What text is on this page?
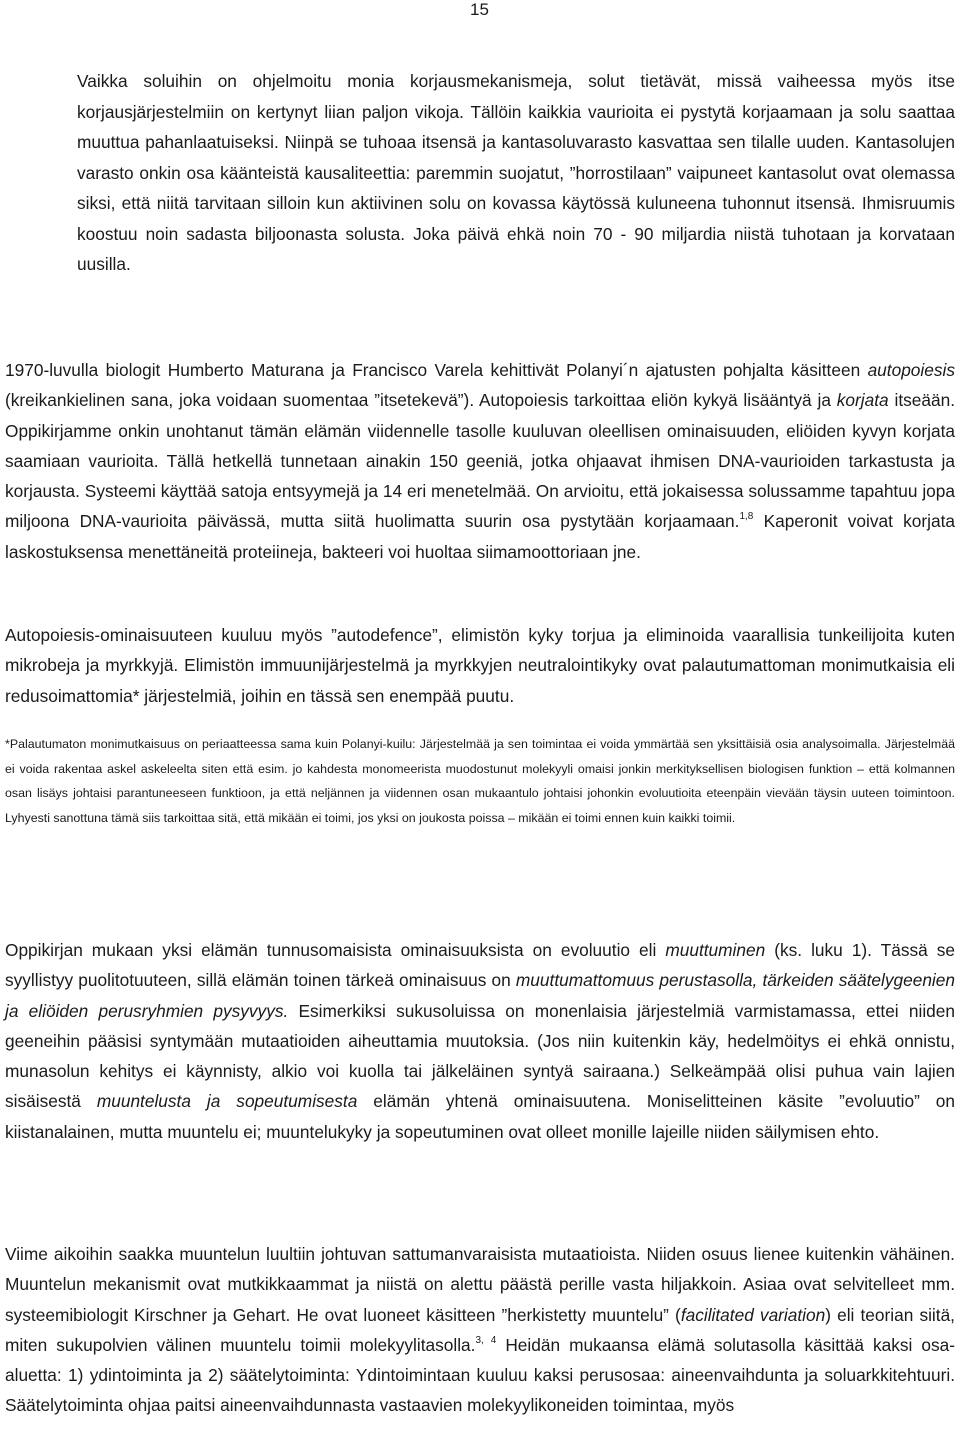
15

Vaikka soluihin on ohjelmoitu monia korjausmekanismeja, solut tietävät, missä vaiheessa myös itse korjausjärjestelmiin on kertynyt liian paljon vikoja. Tällöin kaikkia vaurioita ei pystytä korjaamaan ja solu saattaa muuttua pahanlaatuiseksi. Niinpä se tuhoaa itsensä ja kantasoluvarasto kasvattaa sen tilalle uuden. Kantasolujen varasto onkin osa käänteistä kausaliteettia: paremmin suojatut, ”horrostilaan” vaipuneet kantasolut ovat olemassa siksi, että niitä tarvitaan silloin kun aktiivinen solu on kovassa käytössä kuluneena tuhonnut itsensä. Ihmisruumis koostuu noin sadasta biljoonasta solusta. Joka päivä ehkä noin 70 - 90 miljardia niistä tuhotaan ja korvataan uusilla.

1970-luvulla biologit Humberto Maturana ja Francisco Varela kehittivät Polanyi´n ajatusten pohjalta käsitteen autopoiesis (kreikankielinen sana, joka voidaan suomentaa ”itsetekevä”). Autopoiesis tarkoittaa eliön kykyä lisääntyä ja korjata itseään. Oppikirjamme onkin unohtanut tämän elämän viidennelle tasolle kuuluvan oleellisen ominaisuuden, eliöiden kyvyn korjata saamiaan vaurioita. Tällä hetkellä tunnetaan ainakin 150 geeniä, jotka ohjaavat ihmisen DNA-vaurioiden tarkastusta ja korjausta. Systeemi käyttää satoja entsyymejä ja 14 eri menetelmää. On arvioitu, että jokaisessa solussamme tapahtuu jopa miljoona DNA-vaurioita päivässä, mutta siitä huolimatta suurin osa pystytään korjaamaan.$^{1,8}$ Kaperonit voivat korjata laskostuksensa menettäneitä proteiineja, bakteeri voi huoltaa siimamoottoriaan jne.

Autopoiesis-ominaisuuteen kuuluu myös ”autodefence”, elimistön kyky torjua ja eliminoida vaarallisia tunkeilijoita kuten mikrobeja ja myrkkyjä. Elimistön immuunijärjestelmä ja myrkkyjen neutralointikyky ovat palautumattoman monimutkaisia eli redusoimattomia* järjestelmiä, joihin en tässä sen enempää puutu.

*Palautumaton monimutkaisuus on periaatteessa sama kuin Polanyi-kuilu: Järjestelmää ja sen toimintaa ei voida ymmärtää sen yksittäisiä osia analysoimalla. Järjestelmää ei voida rakentaa askel askeleelta siten että esim. jo kahdesta monomeerista muodostunut molekyyli omaisi jonkin merkityksellisen biologisen funktion – että kolmannen osan lisäys johtaisi parantuneeseen funktioon, ja että neljännen ja viidennen osan mukaantulo johtaisi johonkin evoluutioita eteenpäin vievään täysin uuteen toimintoon. Lyhyesti sanottuna tämä siis tarkoittaa sitä, että mikään ei toimi, jos yksi on joukosta poissa – mikään ei toimi ennen kuin kaikki toimii.

Oppikirjan mukaan yksi elämän tunnusomaisista ominaisuuksista on evoluutio eli muuttuminen (ks. luku 1). Tässä se syyllistyy puolitotuuteen, sillä elämän toinen tärkeä ominaisuus on muuttumattomuus perustasolla, tärkeiden säätelygeenien ja eliöiden perusryhmien pysyvyys. Esimerkiksi sukusoluissa on monenlaisia järjestelmiä varmistamassa, ettei niiden geeneihin pääsisi syntymään mutaatioiden aiheuttamia muutoksia. (Jos niin kuitenkin käy, hedelmöitys ei ehkä onnistu, munasolun kehitys ei käynnisty, alkio voi kuolla tai jälkeläinen syntyä sairaana.) Selkeämpää olisi puhua vain lajien sisäisestä muuntelusta ja sopeutumisesta elämän yhtenä ominaisuutena. Moniselitteinen käsite ”evoluutio” on kiistanalainen, mutta muuntelu ei; muuntelukyky ja sopeutuminen ovat olleet monille lajeille niiden säilymisen ehto.

Viime aikoihin saakka muuntelun luultiin johtuvan sattumanvaraisista mutaatioista. Niiden osuus lienee kuitenkin vähäinen. Muuntelun mekanismit ovat mutkikkaammat ja niistä on alettu päästä perille vasta hiljakkoin. Asiaa ovat selvitelleet mm. systeemibiologit Kirschner ja Gehart. He ovat luoneet käsitteen ”herkistetty muuntelu” (facilitated variation) eli teorian siitä, miten sukupolvien välinen muuntelu toimii molekyylitasolla.$^{3, 4}$ Heidän mukaansa elämä solutasolla käsittää kaksi osa-aluetta: 1) ydintoiminta ja 2) säätelytoiminta: Ydintoimintaan kuuluu kaksi perusosaa: aineenvaihdunta ja soluarkkitehtuuri. Säätelytoiminta ohjaa paitsi aineenvaihdunnasta vastaavien molekyylikoneiden toimintaa, myös
